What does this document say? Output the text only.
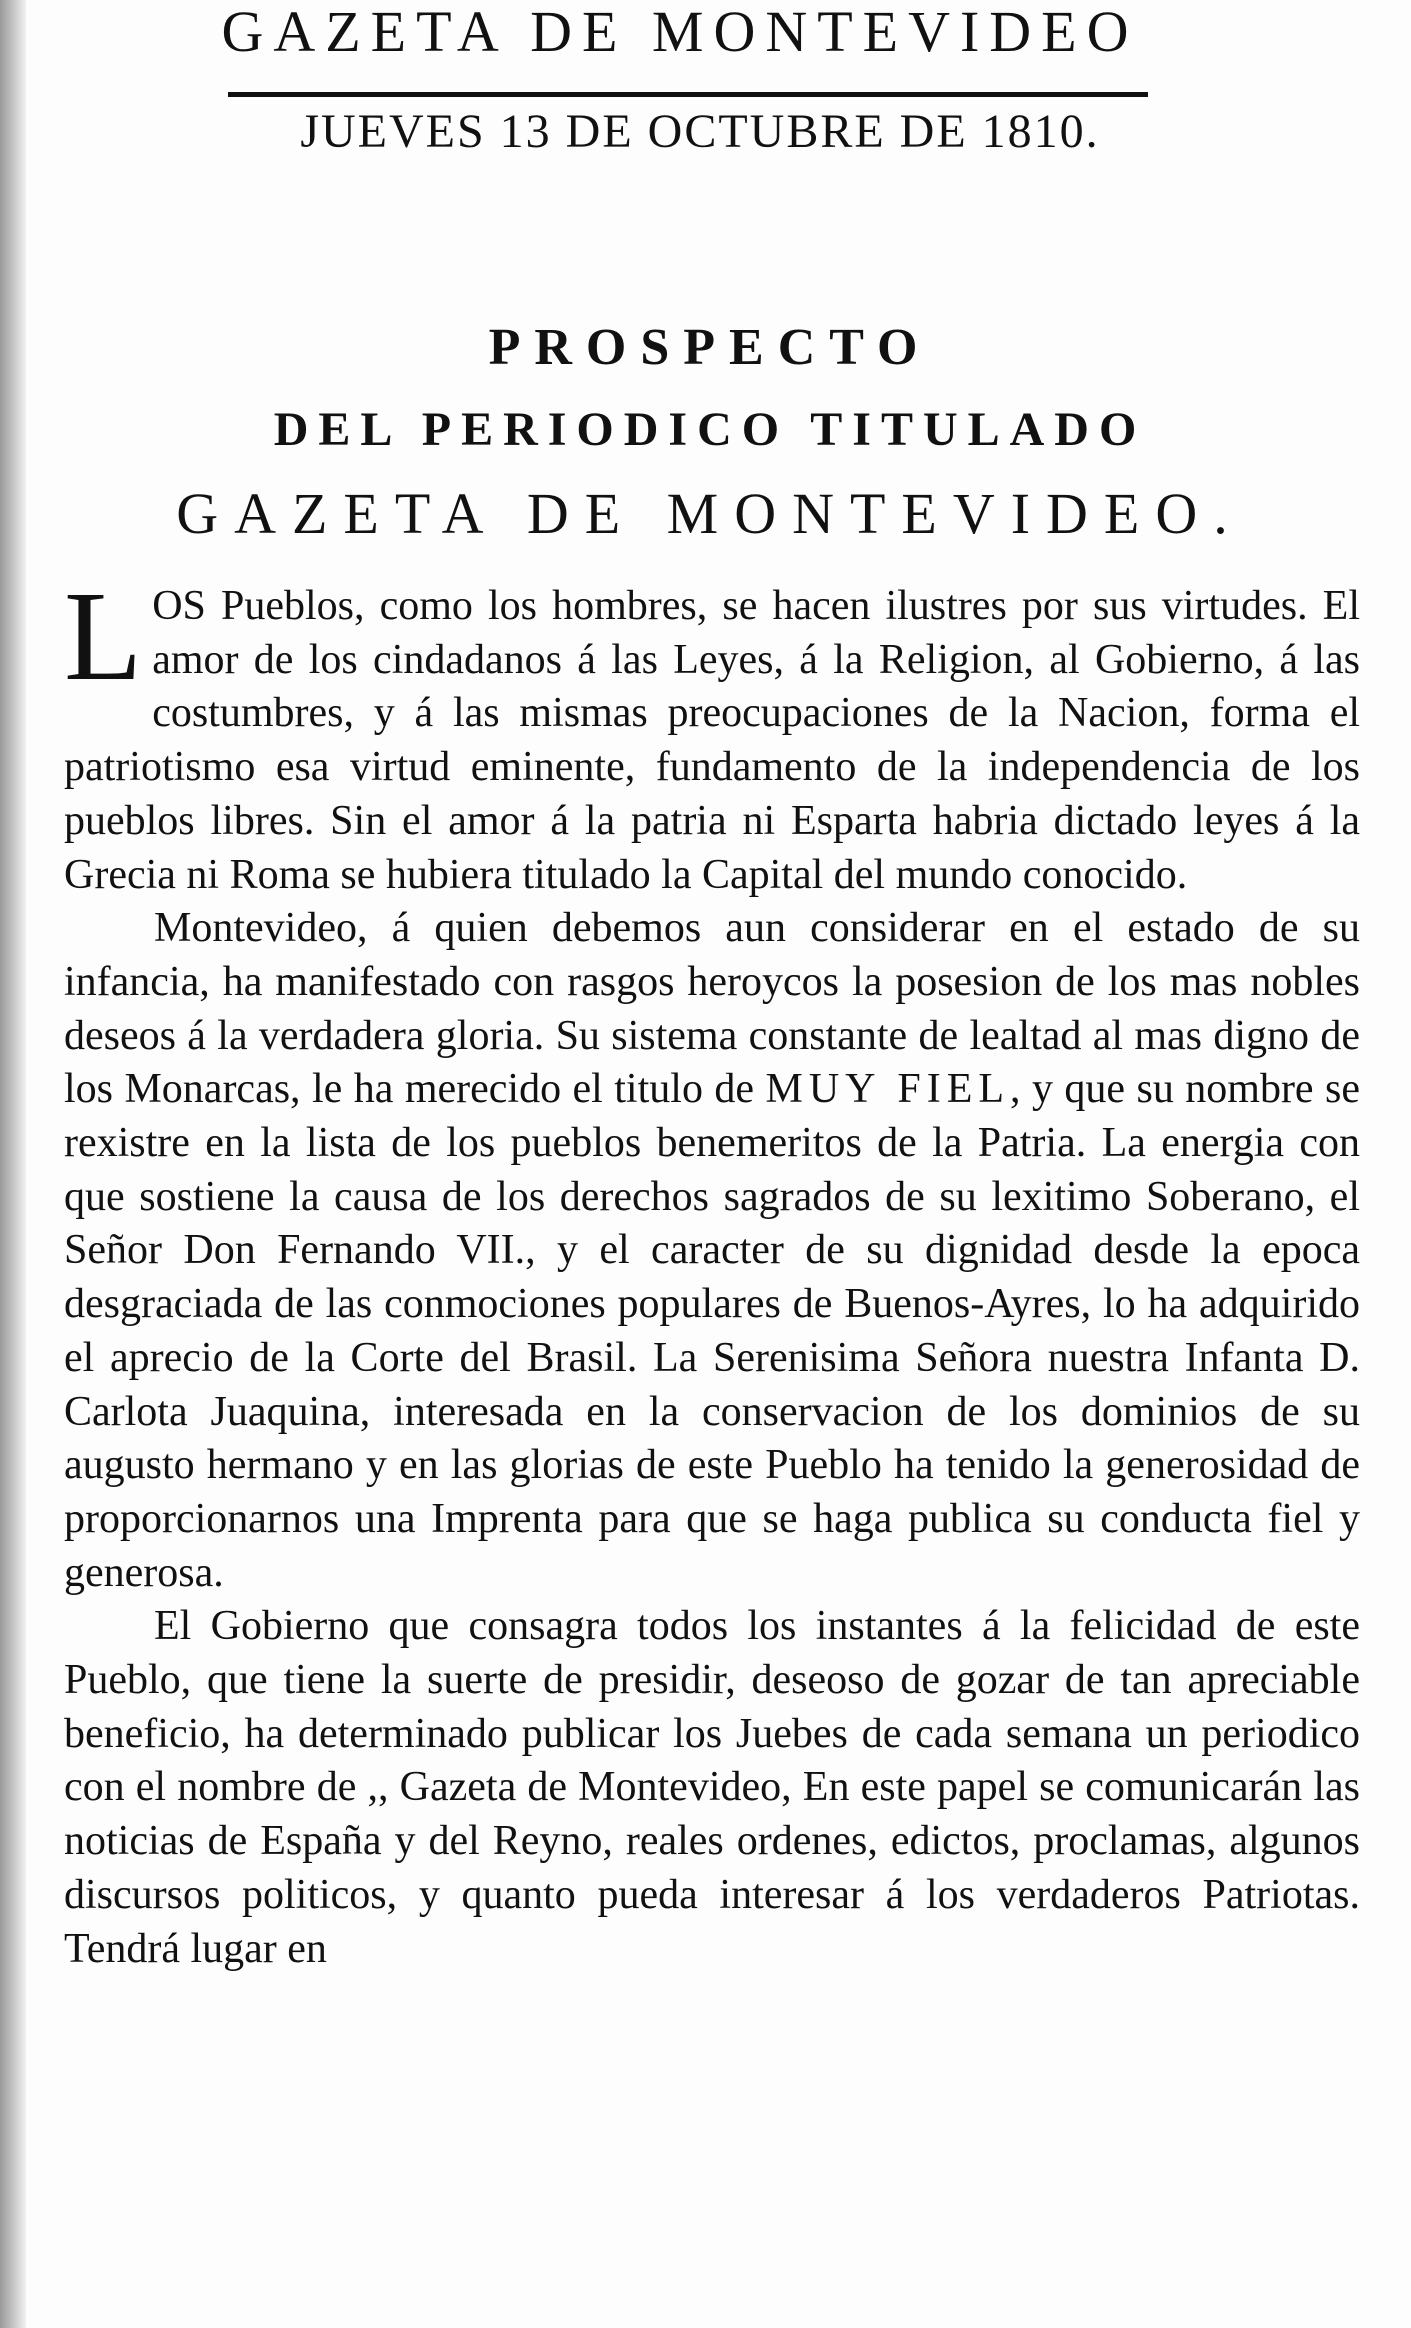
GAZETA DE MONTEVIDEO
JUEVES 13 DE OCTUBRE DE 1810.
PROSPECTO
DEL PERIODICO TITULADO
GAZETA DE MONTEVIDEO.

LOS Pueblos, como los hombres, se hacen ilustres por sus virtudes. El amor de los cindadanos á las Leyes, á la Religion, al Gobierno, á las costumbres, y á las mismas preocupaciones de la Nacion, forma el patriotismo esa virtud eminente, fundamento de la independencia de los pueblos libres. Sin el amor á la patria ni Esparta habria dictado leyes á la Grecia ni Roma se hubiera titulado la Capital del mundo conocido.

Montevideo, á quien debemos aun considerar en el estado de su infancia, ha manifestado con rasgos heroycos la posesion de los mas nobles deseos á la verdadera gloria. Su sistema constante de lealtad al mas digno de los Monarcas, le ha merecido el titulo de MUY FIEL, y que su nombre se rexistre en la lista de los pueblos benemeritos de la Patria. La energia con que sostiene la causa de los derechos sagrados de su lexitimo Soberano, el Señor Don Fernando VII., y el caracter de su dignidad desde la epoca desgraciada de las conmociones populares de Buenos-Ayres, lo ha adquirido el aprecio de la Corte del Brasil. La Serenisima Señora nuestra Infanta D. Carlota Juaquina, interesada en la conservacion de los dominios de su augusto hermano y en las glorias de este Pueblo ha tenido la generosidad de proporcionarnos una Imprenta para que se haga publica su conducta fiel y generosa.

El Gobierno que consagra todos los instantes á la felicidad de este Pueblo, que tiene la suerte de presidir, deseoso de gozar de tan apreciable beneficio, ha determinado publicar los Juebes de cada semana un periodico con el nombre de ,, Gazeta de Montevideo, En este papel se comunicarán las noticias de España y del Reyno, reales ordenes, edictos, proclamas, algunos discursos politicos, y quanto pueda interesar á los verdaderos Patriotas. Tendrá lugar en
